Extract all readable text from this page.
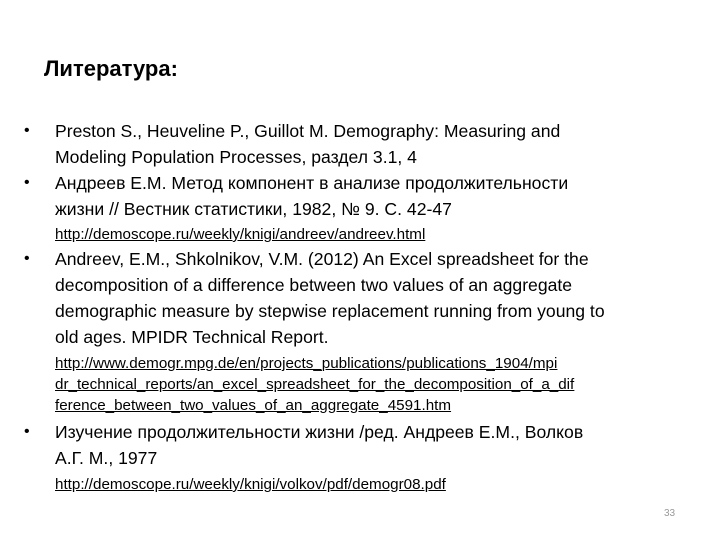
Литература:
•	Preston S., Heuveline P., Guillot M. Demography: Measuring and
Modeling Population Processes, раздел 3.1, 4
•	Андреев Е.М. Метод компонент в анализе продолжительности
жизни // Вестник статистики, 1982, № 9. С. 42-47
http://demoscope.ru/weekly/knigi/andreev/andreev.html
•	Andreev, E.M., Shkolnikov, V.M. (2012) An Excel spreadsheet for the
decomposition of a difference between two values of an aggregate
demographic measure by stepwise replacement running from young to
old ages. MPIDR Technical Report.
http://www.demogr.mpg.de/en/projects_publications/publications_1904/mpi
dr_technical_reports/an_excel_spreadsheet_for_the_decomposition_of_a_dif
ference_between_two_values_of_an_aggregate_4591.htm
•	Изучение продолжительности жизни /ред. Андреев Е.М., Волков
А.Г. М., 1977
http://demoscope.ru/weekly/knigi/volkov/pdf/demogr08.pdf
33
